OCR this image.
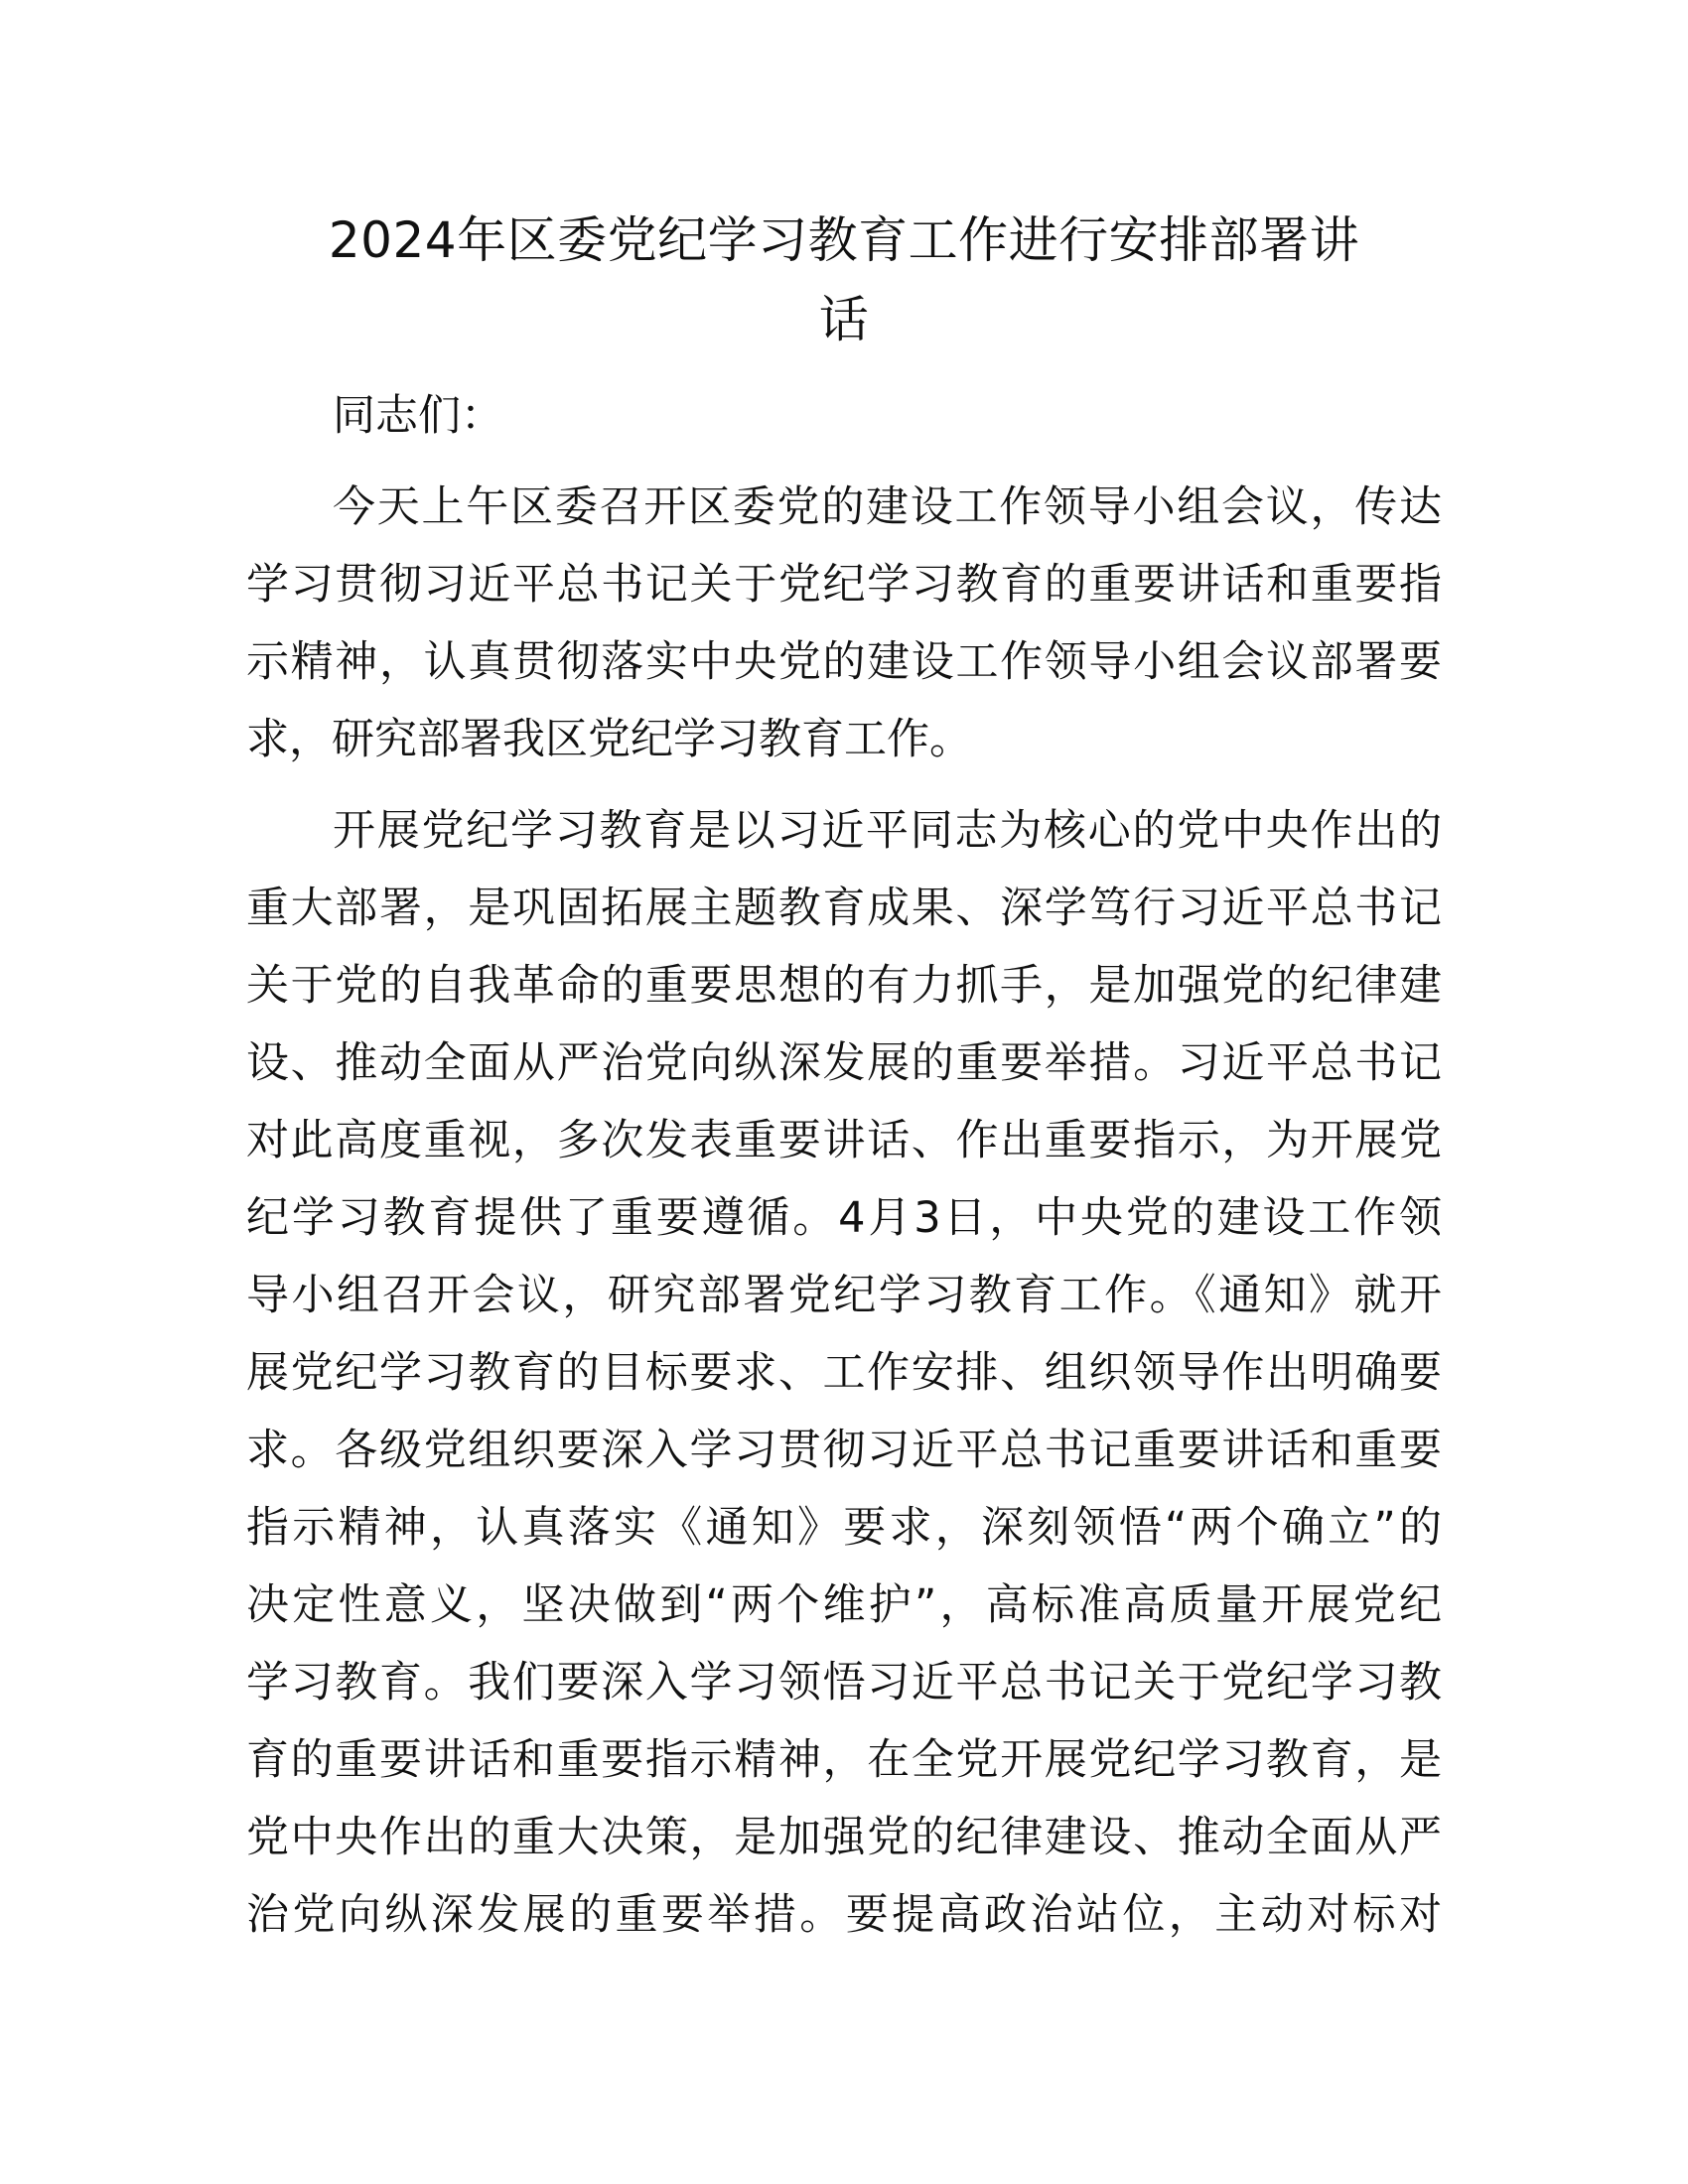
2024年区委党纪学习教育工作进行安排部署讲
话

同志们：

今天上午区委召开区委党的建设工作领导小组会议，传达

学习贯彻习近平总书记关于党纪学习教育的重要讲话和重要指

示精神，认真贯彻落实中央党的建设工作领导小组会议部署要

求，研究部署我区党纪学习教育工作。

开展党纪学习教育是以习近平同志为核心的党中央作出的

重大部署，是巩固拓展主题教育成果、深学笃行习近平总书记

关于党的自我革命的重要思想的有力抓手，是加强党的纪律建

设、推动全面从严治党向纵深发展的重要举措。习近平总书记

对此高度重视，多次发表重要讲话、作出重要指示，为开展党

纪学习教育提供了重要遵循。4月3日，中央党的建设工作领

导小组召开会议，研究部署党纪学习教育工作。《通知》就开

展党纪学习教育的目标要求、工作安排、组织领导作出明确要

求。各级党组织要深入学习贯彻习近平总书记重要讲话和重要

指示精神，认真落实《通知》要求，深刻领悟“两个确立”的

决定性意义，坚决做到“两个维护”，高标准高质量开展党纪

学习教育。我们要深入学习领悟习近平总书记关于党纪学习教

育的重要讲话和重要指示精神，在全党开展党纪学习教育，是

党中央作出的重大决策，是加强党的纪律建设、推动全面从严

治党向纵深发展的重要举措。要提高政治站位，主动对标对
